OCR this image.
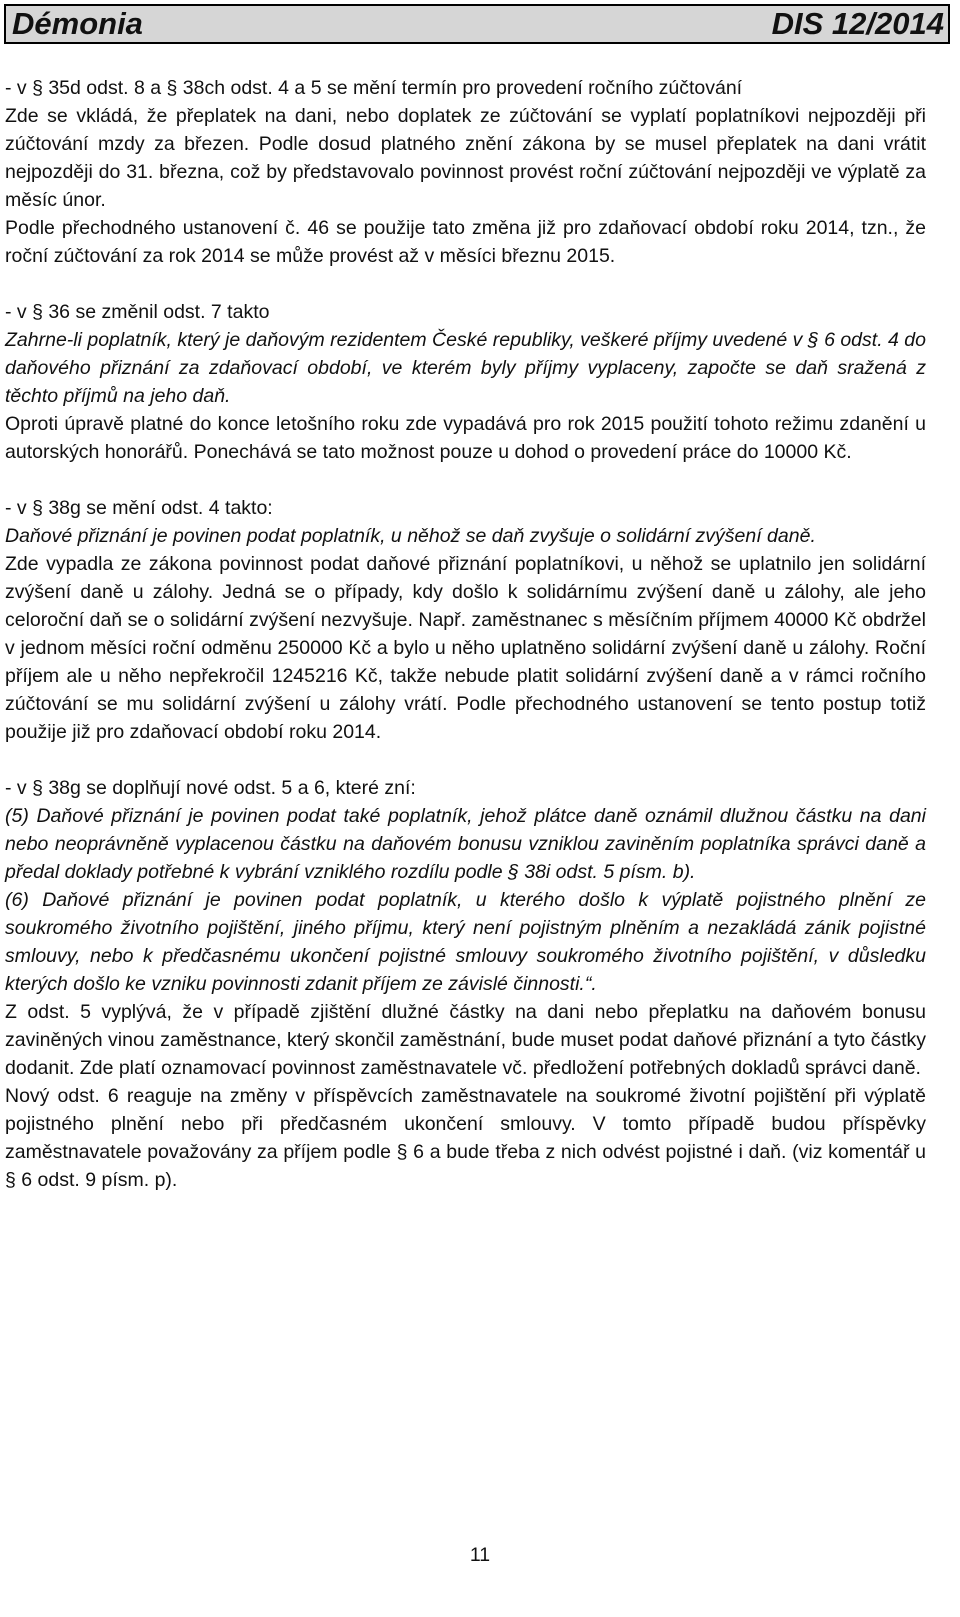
Démonia	DIS 12/2014

- v § 35d odst. 8 a § 38ch odst. 4 a 5 se mění termín pro provedení ročního zúčtování

Zde se vkládá, že přeplatek na dani, nebo doplatek ze zúčtování se vyplatí poplatníkovi nejpozději při zúčtování mzdy za březen. Podle dosud platného znění zákona by se musel přeplatek na dani vrátit nejpozději do 31. března, což by představovalo povinnost provést roční zúčtování nejpozději ve výplatě za měsíc únor.

Podle přechodného ustanovení č. 46 se použije tato změna již pro zdaňovací období roku 2014, tzn., že roční zúčtování za rok 2014 se může provést až v měsíci březnu 2015.

- v § 36 se změnil odst. 7 takto

Zahrne-li poplatník, který je daňovým rezidentem České republiky, veškeré příjmy uvedené v § 6 odst. 4 do daňového přiznání za zdaňovací období, ve kterém byly příjmy vyplaceny, započte se daň sražená z těchto příjmů na jeho daň.

Oproti úpravě platné do konce letošního roku zde vypadává pro rok 2015 použití tohoto režimu zdanění u autorských honorářů. Ponechává se tato možnost pouze u dohod o provedení práce do 10000 Kč.

- v § 38g se mění odst. 4 takto:

Daňové přiznání je povinen podat poplatník, u něhož se daň zvyšuje o solidární zvýšení daně.

Zde vypadla ze zákona povinnost podat daňové přiznání poplatníkovi, u něhož se uplatnilo jen solidární zvýšení daně u zálohy. Jedná se o případy, kdy došlo k solidárnímu zvýšení daně u zálohy, ale jeho celoroční daň se o solidární zvýšení nezvyšuje. Např. zaměstnanec s měsíčním příjmem 40000 Kč obdržel v jednom měsíci roční odměnu 250000 Kč a bylo u něho uplatněno solidární zvýšení daně u zálohy. Roční příjem ale u něho nepřekročil 1245216 Kč, takže nebude platit solidární zvýšení daně a v rámci ročního zúčtování se mu solidární zvýšení u zálohy vrátí. Podle přechodného ustanovení se tento postup totiž použije již pro zdaňovací období roku 2014.

- v § 38g se doplňují nové odst. 5 a 6, které zní:

(5) Daňové přiznání je povinen podat také poplatník, jehož plátce daně oznámil dlužnou částku na dani nebo neoprávněně vyplacenou částku na daňovém bonusu vzniklou zaviněním poplatníka správci daně a předal doklady potřebné k vybrání vzniklého rozdílu podle § 38i odst. 5 písm. b).

(6) Daňové přiznání je povinen podat poplatník, u kterého došlo k výplatě pojistného plnění ze soukromého životního pojištění, jiného příjmu, který není pojistným plněním a nezakládá zánik pojistné smlouvy, nebo k předčasnému ukončení pojistné smlouvy soukromého životního pojištění, v důsledku kterých došlo ke vzniku povinnosti zdanit příjem ze závislé činnosti.“.

Z odst. 5 vyplývá, že v případě zjištění dlužné částky na dani nebo přeplatku na daňovém bonusu zaviněných vinou zaměstnance, který skončil zaměstnání, bude muset podat daňové přiznání a tyto částky dodanit. Zde platí oznamovací povinnost zaměstnavatele vč. předložení potřebných dokladů správci daně.

Nový odst. 6 reaguje na změny v příspěvcích zaměstnavatele na soukromé životní pojištění při výplatě pojistného plnění nebo při předčasném ukončení smlouvy. V tomto případě budou příspěvky zaměstnavatele považovány za příjem podle § 6 a bude třeba z nich odvést pojistné i daň. (viz komentář u § 6 odst. 9 písm. p).

11
